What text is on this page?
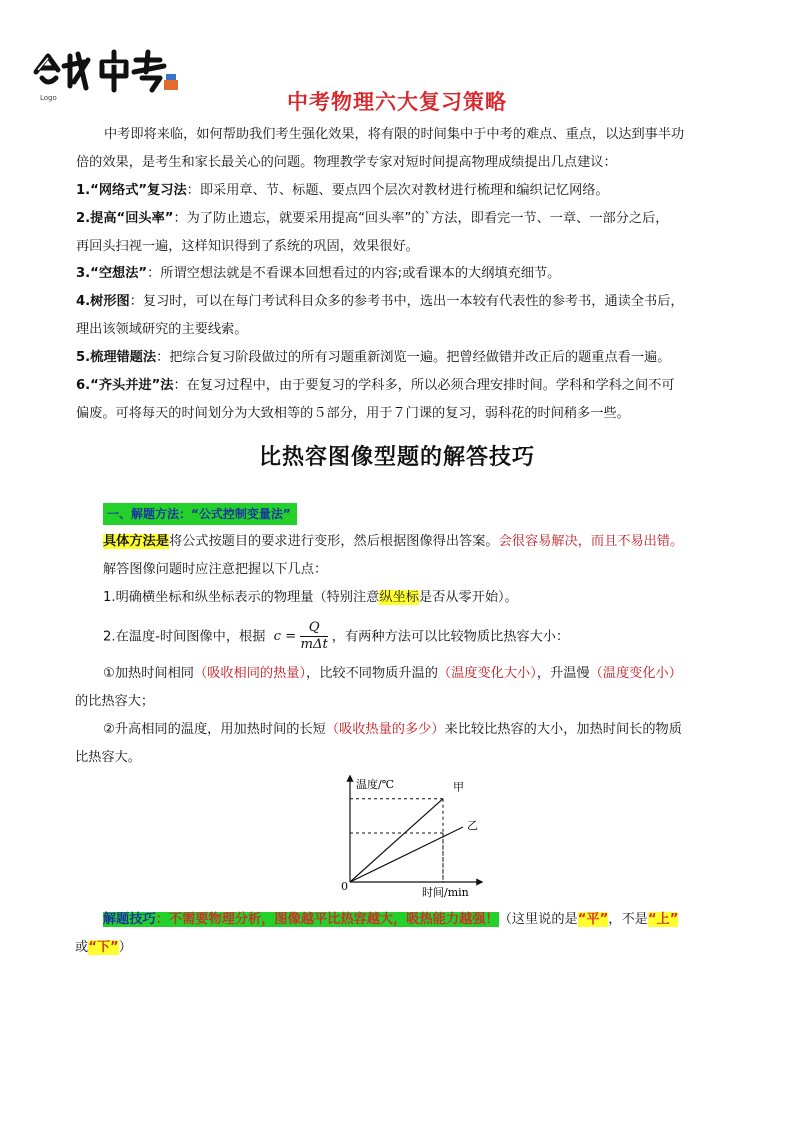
Logo	中考物理六大复习策略
中考即将来临，如何帮助我们考生强化效果，将有限的时间集中于中考的难点、重点，以达到事半功

倍的效果，是考生和家长最关心的问题。物理教学专家对短时间提高物理成绩提出几点建议：
1.“网络式”复习法：即采用章、节、标题、要点四个层次对教材进行梳理和编织记忆网络。
2.提高“回头率”：为了防止遗忘，就要采用提高“回头率”的`方法，即看完一节、一章、一部分之后，
再回头扫视一遍，这样知识得到了系统的巩固，效果很好。
3.“空想法”：所谓空想法就是不看课本回想看过的内容;或看课本的大纲填充细节。
4.树形图：复习时，可以在每门考试科目众多的参考书中，选出一本较有代表性的参考书，通读全书后，
理出该领域研究的主要线索。
5.梳理错题法：把综合复习阶段做过的所有习题重新浏览一遍。把曾经做错并改正后的题重点看一遍。
6.“齐头并进”法：在复习过程中，由于要复习的学科多，所以必须合理安排时间。学科和学科之间不可
偏废。可将每天的时间划分为大致相等的５部分，用于７门课的复习，弱科花的时间稍多一些。
比热容图像型题的解答技巧
一、解题方法：“公式控制变量法”
具体方法是将公式按题目的要求进行变形，然后根据图像得出答案。会很容易解决，而且不易出错。
解答图像问题时应注意把握以下几点：
1.明确横坐标和纵坐标表示的物理量（特别注意纵坐标是否从零开始）。
2.在温度-时间图像中，根据 $c = \frac{Q}{\text{mΔt}}$ ，有两种方法可以比较物质比热容大小：
①加热时间相同（吸收相同的热量），比较不同物质升温的（温度变化大小），升温慢（温度变化小）
的比热容大；
②升高相同的温度，用加热时间的长短（吸收热量的多少）来比较比热容的大小，加热时间长的物质
比热容大。
温度/℃
时间/min
0
甲
乙
解题技巧：不需要物理分析，图像越平比热容越大，吸热能力越强！（这里说的是“平”，不是“上”
或“下”）
